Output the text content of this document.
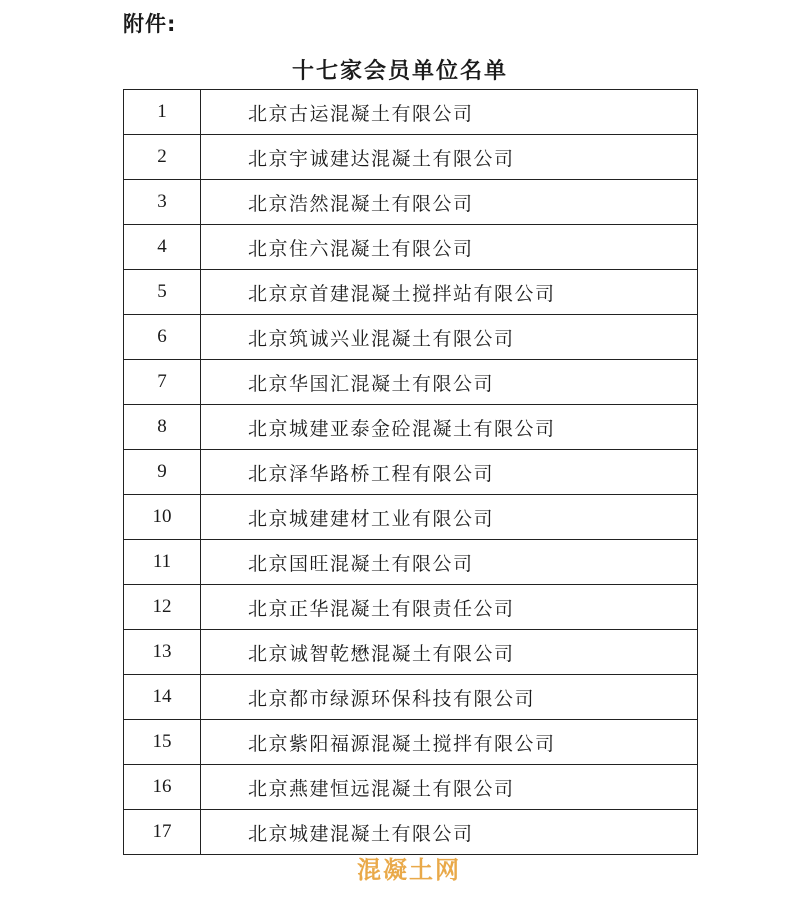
附件:
十七家会员单位名单
1	北京古运混凝土有限公司
2	北京宇诚建达混凝土有限公司
3	北京浩然混凝土有限公司
4	北京住六混凝土有限公司
5	北京京首建混凝土搅拌站有限公司
6	北京筑诚兴业混凝土有限公司
7	北京华国汇混凝土有限公司
8	北京城建亚泰金砼混凝土有限公司
9	北京泽华路桥工程有限公司
10	北京城建建材工业有限公司
11	北京国旺混凝土有限公司
12	北京正华混凝土有限责任公司
13	北京诚智乾懋混凝土有限公司
14	北京都市绿源环保科技有限公司
15	北京紫阳福源混凝土搅拌有限公司
16	北京燕建恒远混凝土有限公司
17	北京城建混凝土有限公司
混凝土网
